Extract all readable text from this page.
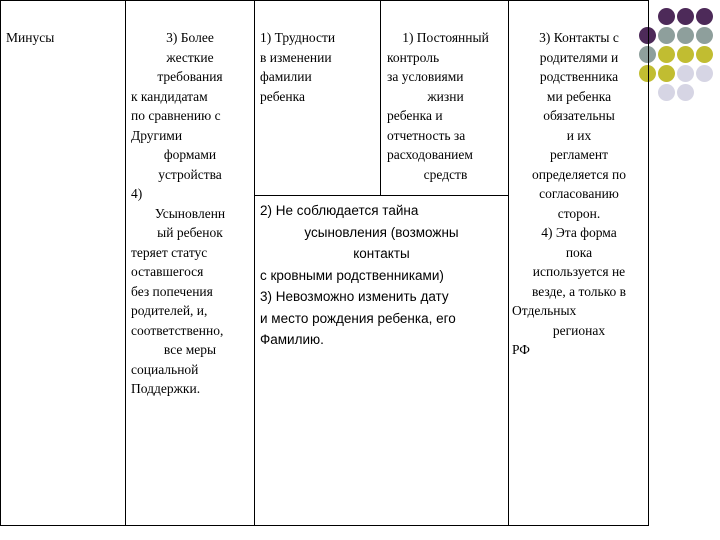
Минусы	3) Более
жесткие
требования
к кандидатам
по сравнению с
Другими
формами
устройства
4)
Усыновленн
ый ребенок
теряет статус
оставшегося
без попечения
родителей, и,
соответственно,
все меры
социальной
Поддержки.
1) Трудности
в изменении
фамилии
ребенка
1) Постоянный
контроль
за условиями
жизни
ребенка и
отчетность за
расходованием
средств
2) Не соблюдается тайна
усыновления (возможны
контакты
с кровными родственниками)
3) Невозможно изменить дату
и место рождения ребенка, его
Фамилию.
3) Контакты с
родителями и
родственника
ми ребенка
обязательны
и их
регламент
определяется по
согласованию
сторон.
4) Эта форма
пока
используется не
везде, а только в
Отдельных
регионах
РФ
